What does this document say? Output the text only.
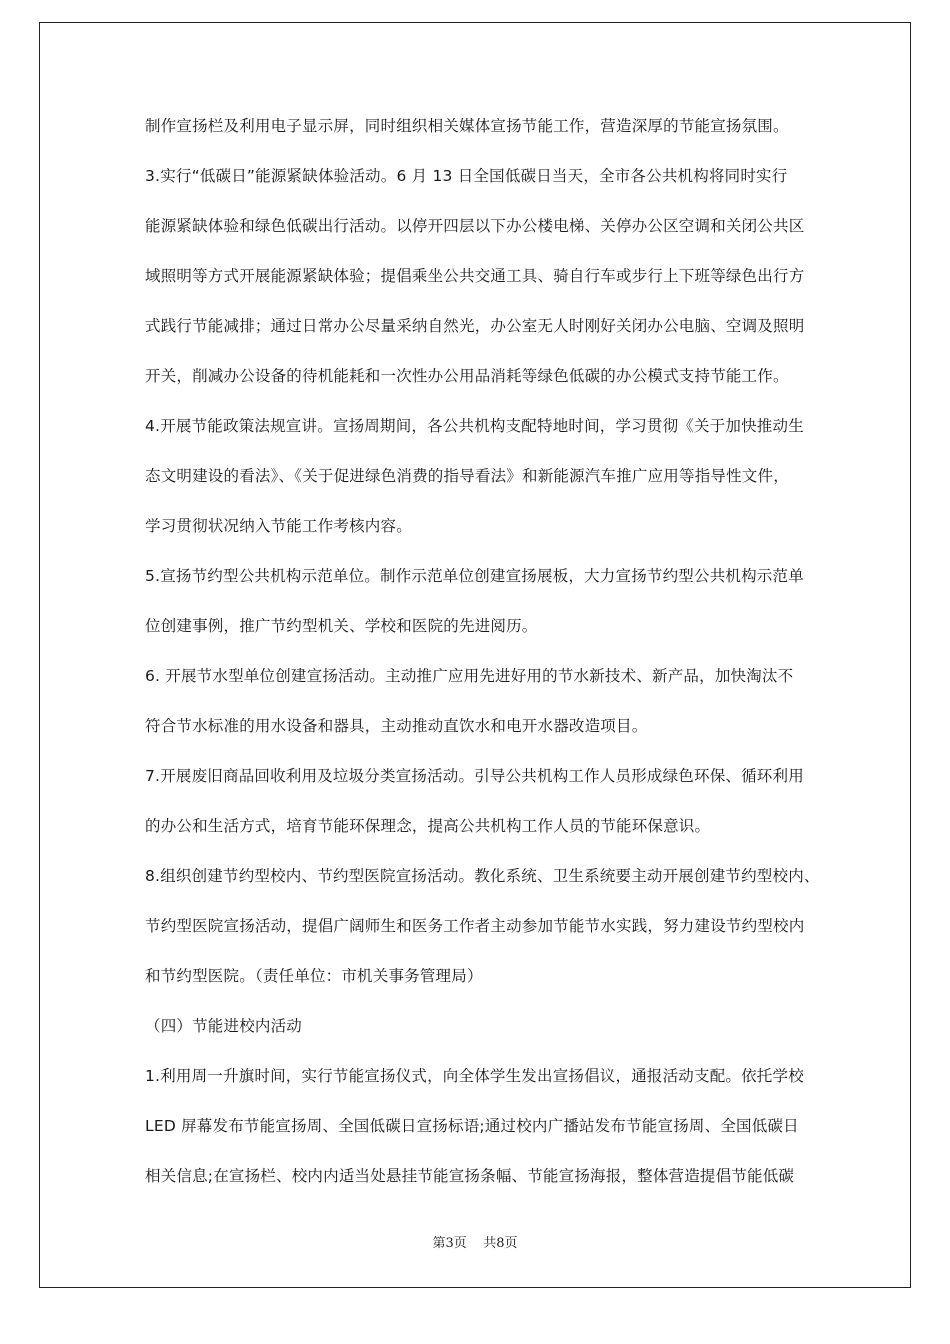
制作宣扬栏及利用电子显示屏，同时组织相关媒体宣扬节能工作，营造深厚的节能宣扬氛围。
3.实行“低碳日”能源紧缺体验活动。6 月 13 日全国低碳日当天，全市各公共机构将同时实行
能源紧缺体验和绿色低碳出行活动。以停开四层以下办公楼电梯、关停办公区空调和关闭公共区
域照明等方式开展能源紧缺体验；提倡乘坐公共交通工具、骑自行车或步行上下班等绿色出行方
式践行节能减排；通过日常办公尽量采纳自然光，办公室无人时刚好关闭办公电脑、空调及照明
开关，削减办公设备的待机能耗和一次性办公用品消耗等绿色低碳的办公模式支持节能工作。
4.开展节能政策法规宣讲。宣扬周期间，各公共机构支配特地时间，学习贯彻《关于加快推动生
态文明建设的看法》、《关于促进绿色消费的指导看法》和新能源汽车推广应用等指导性文件，
学习贯彻状况纳入节能工作考核内容。
5.宣扬节约型公共机构示范单位。制作示范单位创建宣扬展板，大力宣扬节约型公共机构示范单
位创建事例，推广节约型机关、学校和医院的先进阅历。
6. 开展节水型单位创建宣扬活动。主动推广应用先进好用的节水新技术、新产品，加快淘汰不
符合节水标准的用水设备和器具，主动推动直饮水和电开水器改造项目。
7.开展废旧商品回收利用及垃圾分类宣扬活动。引导公共机构工作人员形成绿色环保、循环利用
的办公和生活方式，培育节能环保理念，提高公共机构工作人员的节能环保意识。
8.组织创建节约型校内、节约型医院宣扬活动。教化系统、卫生系统要主动开展创建节约型校内、
节约型医院宣扬活动，提倡广阔师生和医务工作者主动参加节能节水实践，努力建设节约型校内
和节约型医院。（责任单位：市机关事务管理局）
（四）节能进校内活动
1.利用周一升旗时间，实行节能宣扬仪式，向全体学生发出宣扬倡议，通报活动支配。依托学校
LED 屏幕发布节能宣扬周、全国低碳日宣扬标语;通过校内广播站发布节能宣扬周、全国低碳日
相关信息;在宣扬栏、校内内适当处悬挂节能宣扬条幅、节能宣扬海报，整体营造提倡节能低碳
第3页    共8页
